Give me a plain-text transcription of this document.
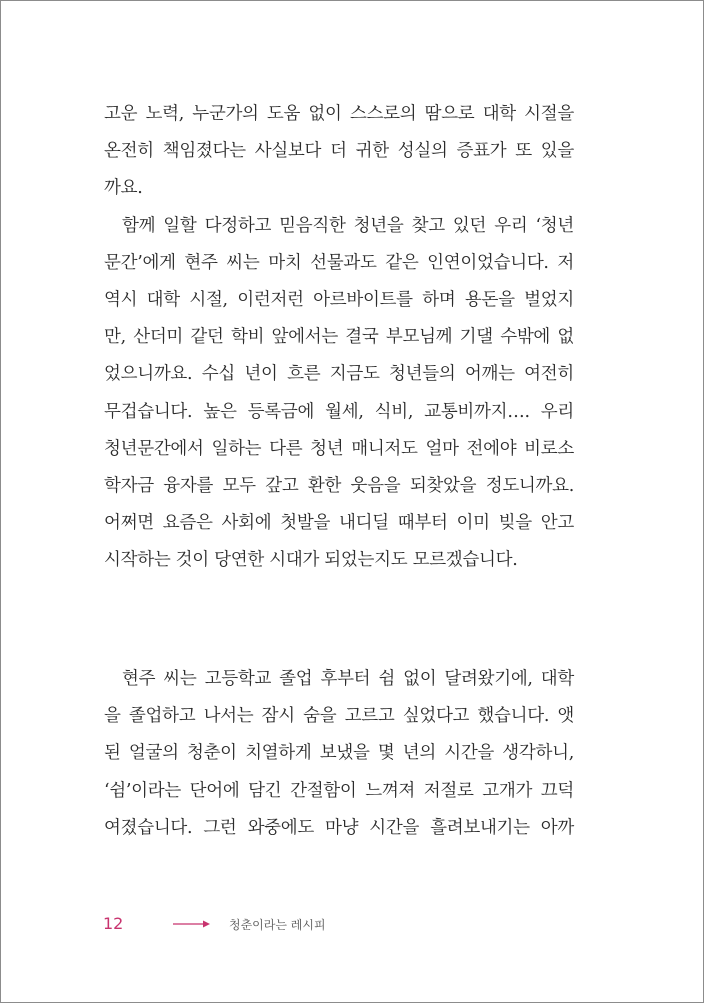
고운 노력, 누군가의 도움 없이 스스로의 땀으로 대학 시절을
온전히 책임졌다는 사실보다 더 귀한 성실의 증표가 또 있을
까요.
함께 일할 다정하고 믿음직한 청년을 찾고 있던 우리 ‘청년
문간’에게 현주 씨는 마치 선물과도 같은 인연이었습니다. 저
역시 대학 시절, 이런저런 아르바이트를 하며 용돈을 벌었지
만, 산더미 같던 학비 앞에서는 결국 부모님께 기댈 수밖에 없
었으니까요. 수십 년이 흐른 지금도 청년들의 어깨는 여전히
무겁습니다. 높은 등록금에 월세, 식비, 교통비까지…. 우리
청년문간에서 일하는 다른 청년 매니저도 얼마 전에야 비로소
학자금 융자를 모두 갚고 환한 웃음을 되찾았을 정도니까요.
어쩌면 요즘은 사회에 첫발을 내디딜 때부터 이미 빚을 안고
시작하는 것이 당연한 시대가 되었는지도 모르겠습니다.
현주 씨는 고등학교 졸업 후부터 쉼 없이 달려왔기에, 대학
을 졸업하고 나서는 잠시 숨을 고르고 싶었다고 했습니다. 앳
된 얼굴의 청춘이 치열하게 보냈을 몇 년의 시간을 생각하니,
‘쉼’이라는 단어에 담긴 간절함이 느껴져 저절로 고개가 끄덕
여졌습니다. 그런 와중에도 마냥 시간을 흘려보내기는 아까
12	청춘이라는 레시피
